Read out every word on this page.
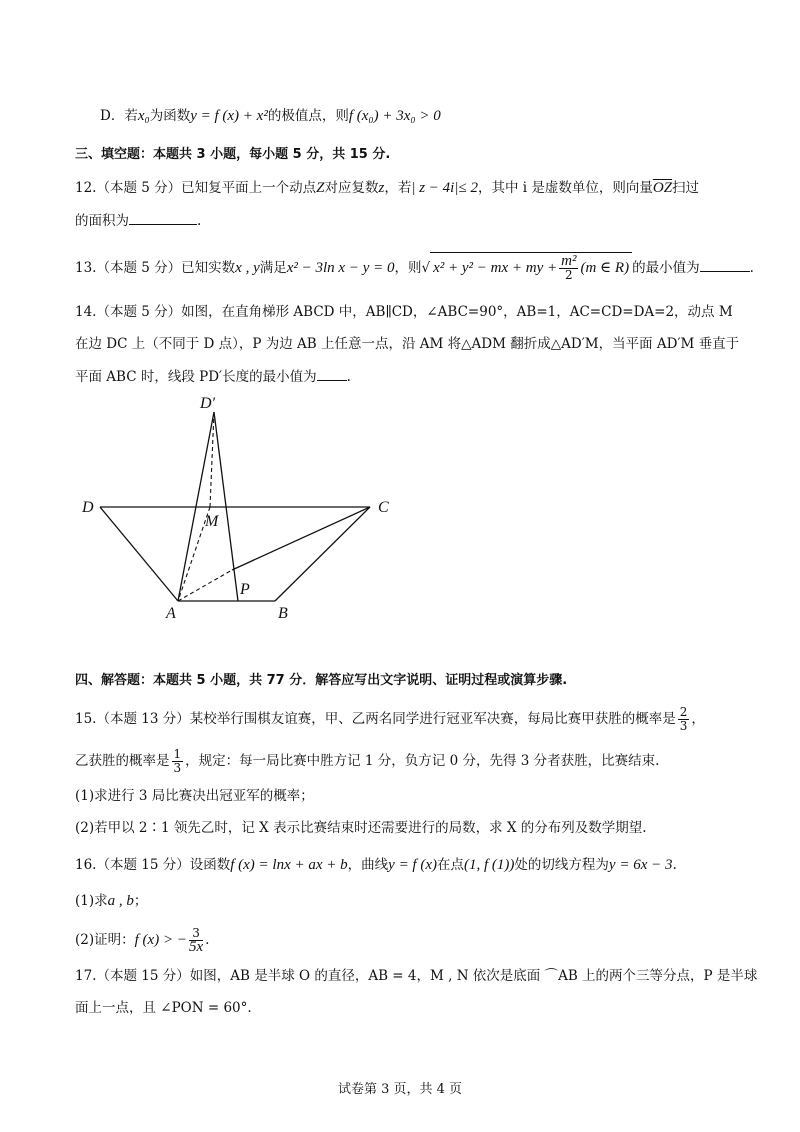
D．若x₀为函数y = f (x) + x²的极值点，则f (x₀) + 3x₀ > 0
三、填空题：本题共 3 小题，每小题 5 分，共 15 分.
12.（本题 5 分）已知复平面上一个动点Z对应复数z，若| z − 4i|≤ 2，其中 i 是虚数单位，则向量$\overline{OZ}$扫过
的面积为	.
13.（本题 5 分）已知实数x , y满足x² − 3ln x − y = 0，则√ x² + y² − mx + my + $\frac{\text{m²}}{2} (m$ ∈ R) 的最小值为	.
14.（本题 5 分）如图，在直角梯形 ABCD 中，AB∥CD，∠ABC=90°，AB=1，AC=CD=DA=2，动点 M
在边 DC 上（不同于 D 点），P 为边 AB 上任意一点，沿 AM 将△ADM 翻折成△AD′M，当平面 AD′M 垂直于
平面 ABC 时，线段 PD′长度的最小值为 .
D′
D
M
C
P
A	B
四、解答题：本题共 5 小题，共 77 分．解答应写出文字说明、证明过程或演算步骤.
15.（本题 13 分）某校举行围棋友谊赛，甲、乙两名同学进行冠亚军决赛，每局比赛甲获胜的概率是 $\frac{2}{3}$ ，
乙获胜的概率是 $\frac{1}{3}$ ，规定：每一局比赛中胜方记 1 分，负方记 0 分，先得 3 分者获胜，比赛结束.
(1)求进行 3 局比赛决出冠亚军的概率；
(2)若甲以 2∶1 领先乙时，记 X 表示比赛结束时还需要进行的局数，求 X 的分布列及数学期望.
16.（本题 15 分）设函数f (x) = lnx + ax + b，曲线y = f (x)在点(1, f (1))处的切线方程为y = 6x − 3.
(1)求a , b；
(2)证明：f (x) > − $\frac{3}{5x}$ .
17.（本题 15 分）如图，AB 是半球 O 的直径，AB = 4，M , N 依次是底面 ⌒AB 上的两个三等分点，P 是半球
面上一点，且 ∠PON = 60°.
试卷第 3 页，共 4 页
